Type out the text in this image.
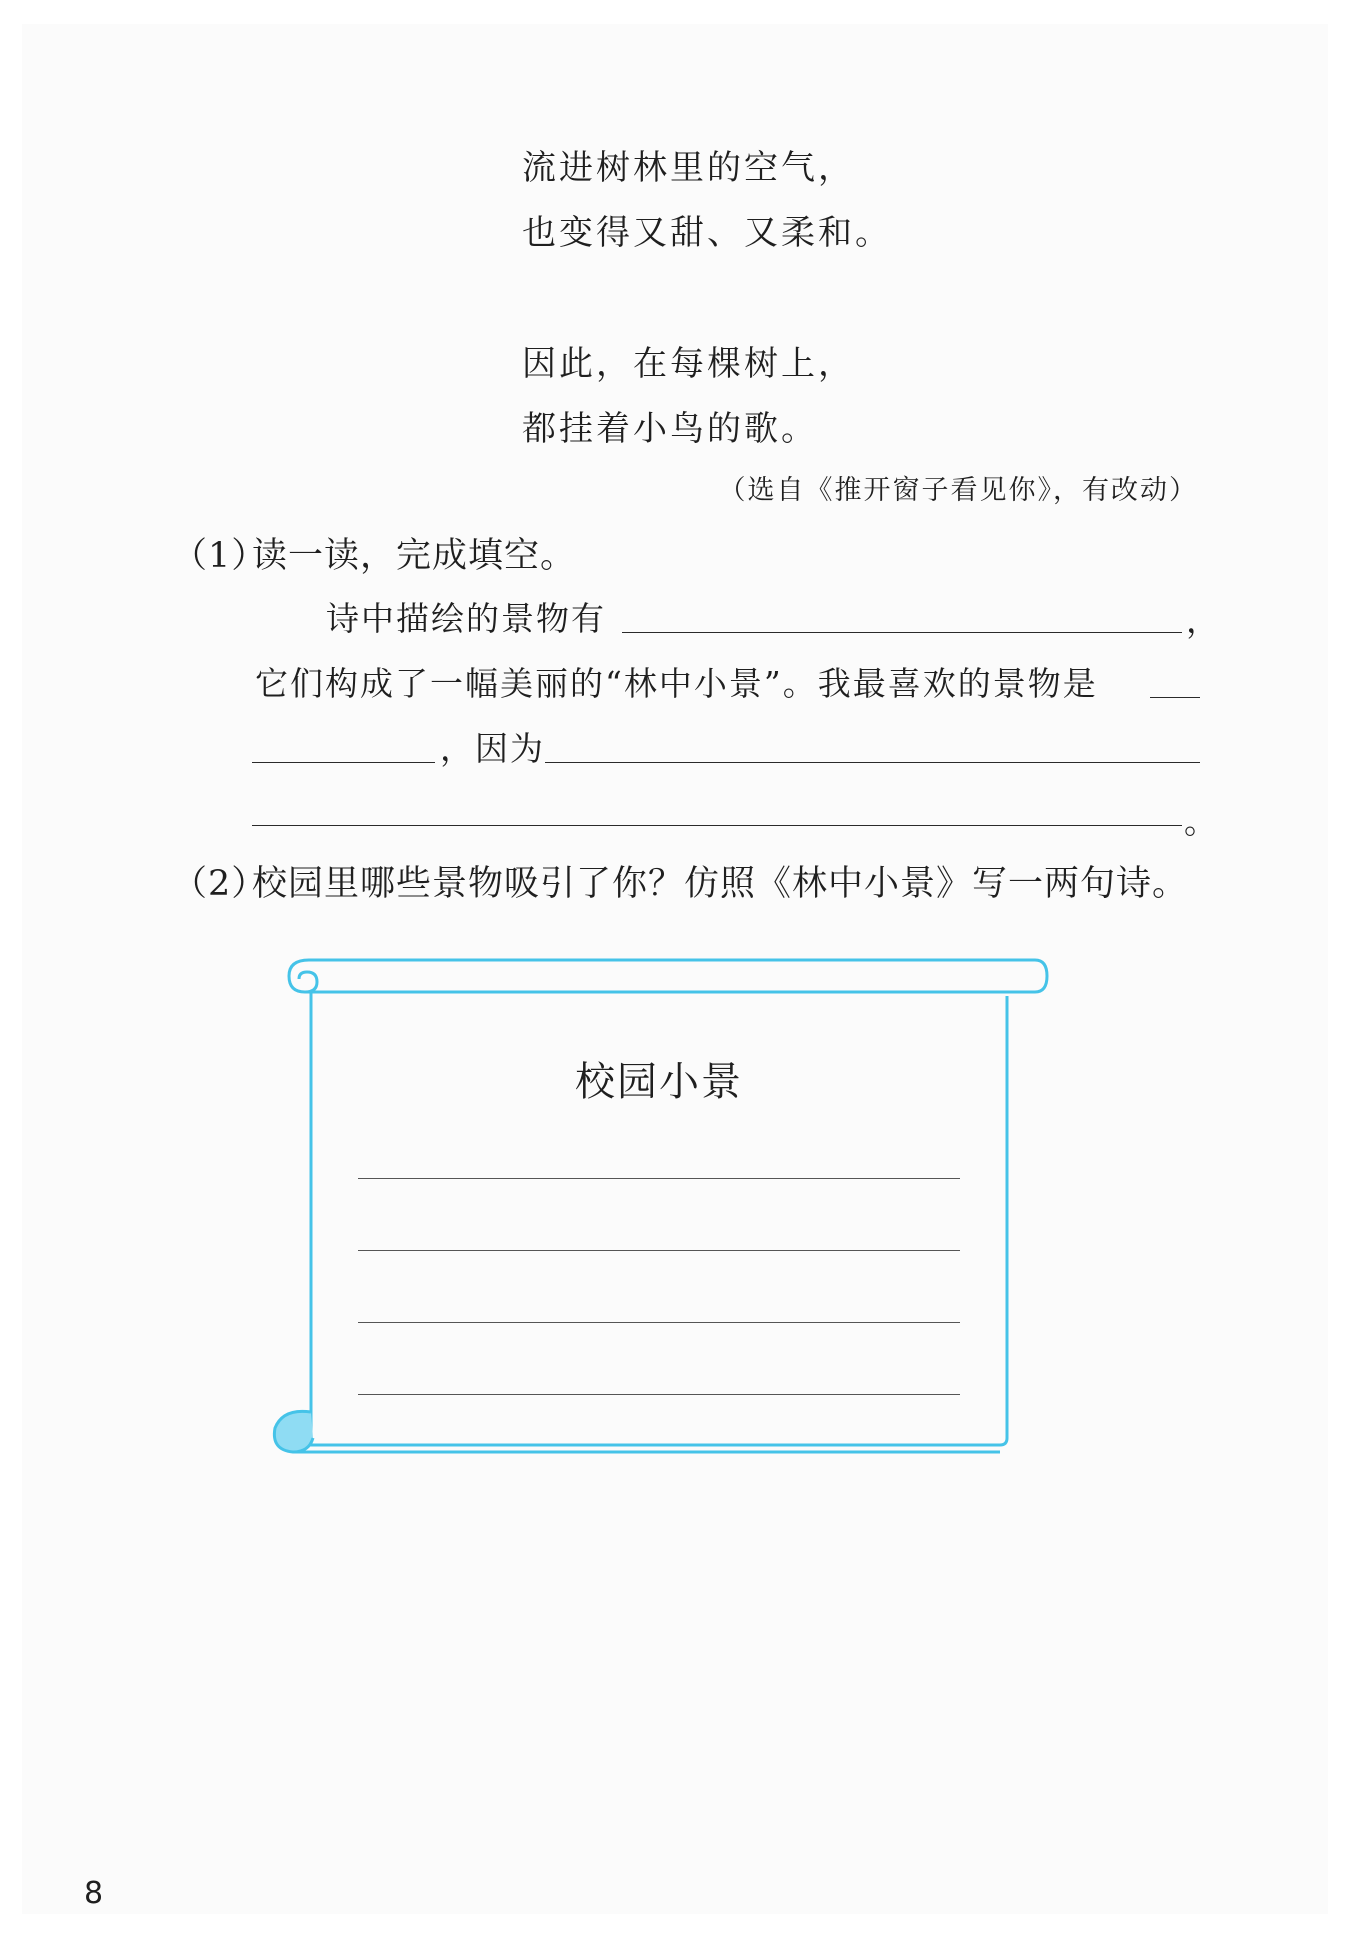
流进树林里的空气，
也变得又甜、又柔和。
因此，在每棵树上，
都挂着小鸟的歌。
（选自《推开窗子看见你》，有改动）
（1）
读一读，完成填空。
诗中描绘的景物有	，
它们构成了一幅美丽的“林中小景”。我最喜欢的景物是
，因为
。
（2）
校园里哪些景物吸引了你？仿照《林中小景》写一两句诗。
校园小景
8
